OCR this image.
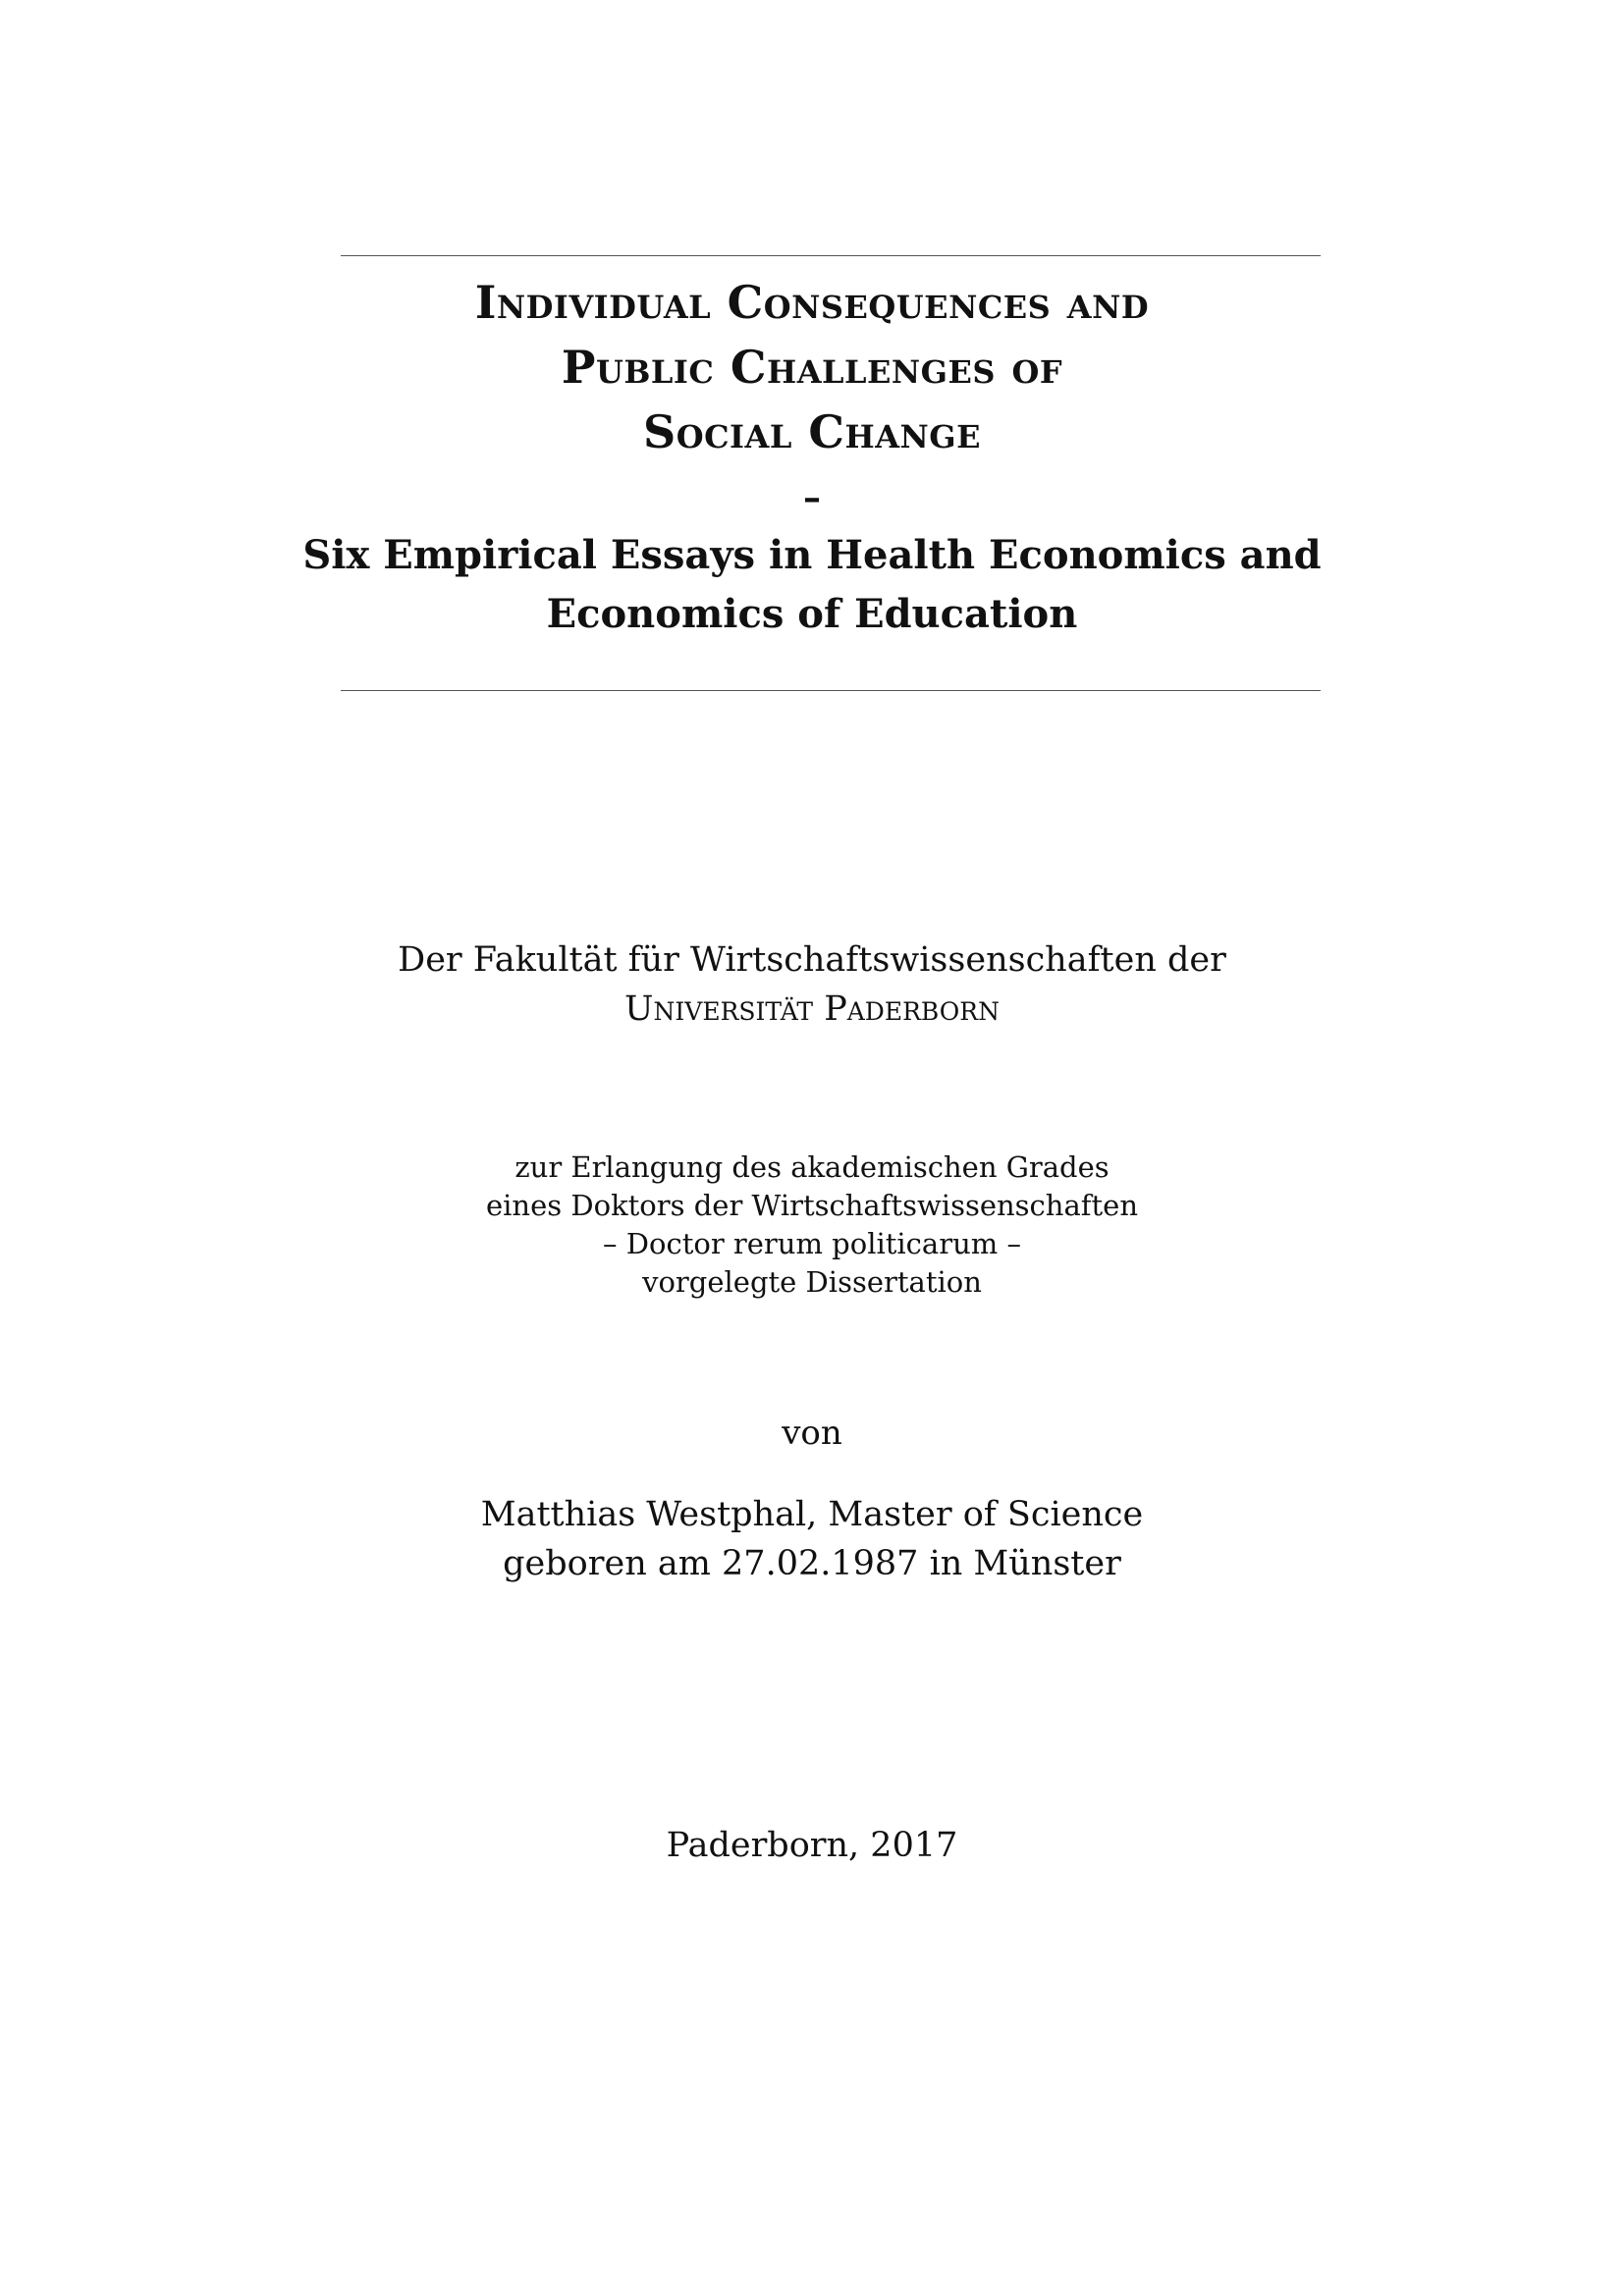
Individual Consequences and
Public Challenges of
Social Change
–
Six Empirical Essays in Health Economics and
Economics of Education
Der Fakultät für Wirtschaftswissenschaften der
Universität Paderborn
zur Erlangung des akademischen Grades
eines Doktors der Wirtschaftswissenschaften
– Doctor rerum politicarum –
vorgelegte Dissertation
von
Matthias Westphal, Master of Science
geboren am 27.02.1987 in Münster
Paderborn, 2017
